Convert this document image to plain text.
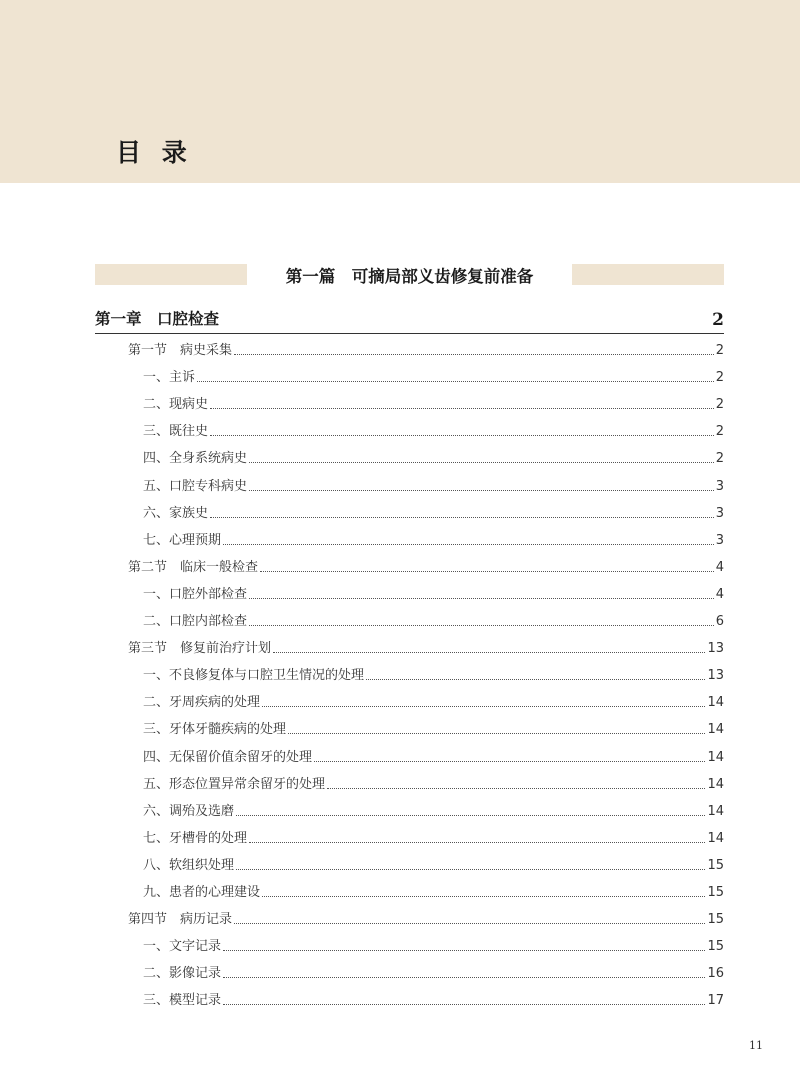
目 录
第一篇　可摘局部义齿修复前准备
第一章　口腔检查	2
第一节　病史采集	2
一、主诉	2
二、现病史	2
三、既往史	2
四、全身系统病史	2
五、口腔专科病史	3
六、家族史	3
七、心理预期	3
第二节　临床一般检查	4
一、口腔外部检查	4
二、口腔内部检查	6
第三节　修复前治疗计划	13
一、不良修复体与口腔卫生情况的处理	13
二、牙周疾病的处理	14
三、牙体牙髓疾病的处理	14
四、无保留价值余留牙的处理	14
五、形态位置异常余留牙的处理	14
六、调殆及选磨	14
七、牙槽骨的处理	14
八、软组织处理	15
九、患者的心理建设	15
第四节　病历记录	15
一、文字记录	15
二、影像记录	16
三、模型记录	17
11
